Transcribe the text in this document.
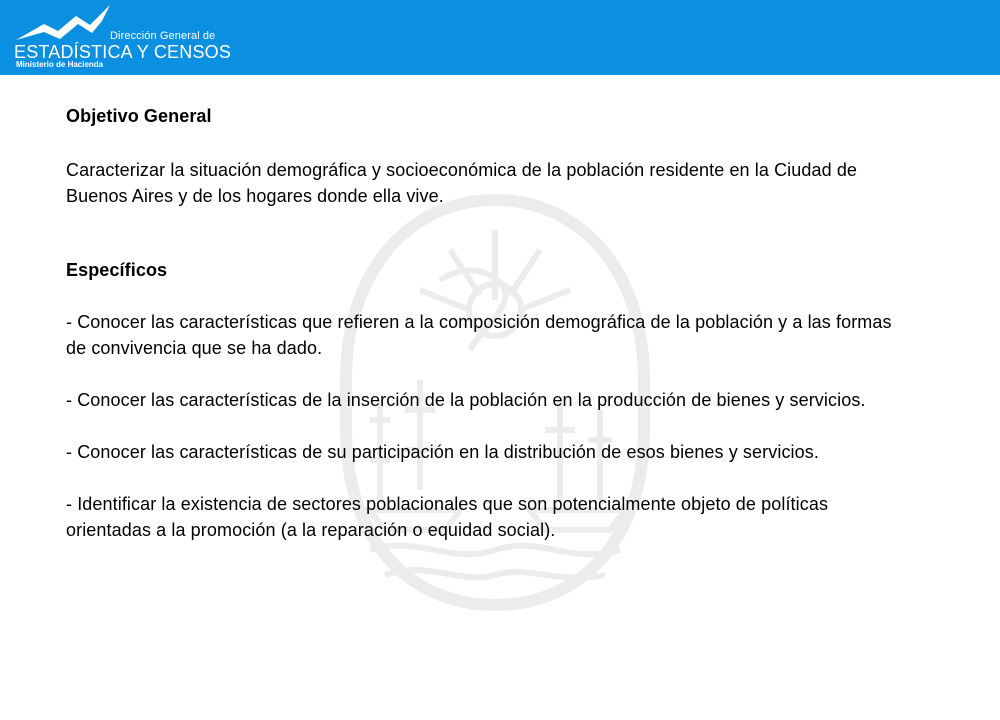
Dirección General de
ESTADÍSTICA Y CENSOS
Ministerio de Hacienda
Objetivo General

Caracterizar la situación demográfica y socioeconómica de la población residente en la Ciudad de Buenos Aires y de los hogares donde ella vive.

Específicos

- Conocer las características que refieren a la composición demográfica de la población y a las formas de convivencia que se ha dado.

- Conocer las características de la inserción de la población en la producción de bienes y servicios.

- Conocer las características de su participación en la distribución de esos bienes y servicios.

- Identificar la existencia de sectores poblacionales que son potencialmente objeto de políticas orientadas a la promoción (a la reparación o equidad social).
